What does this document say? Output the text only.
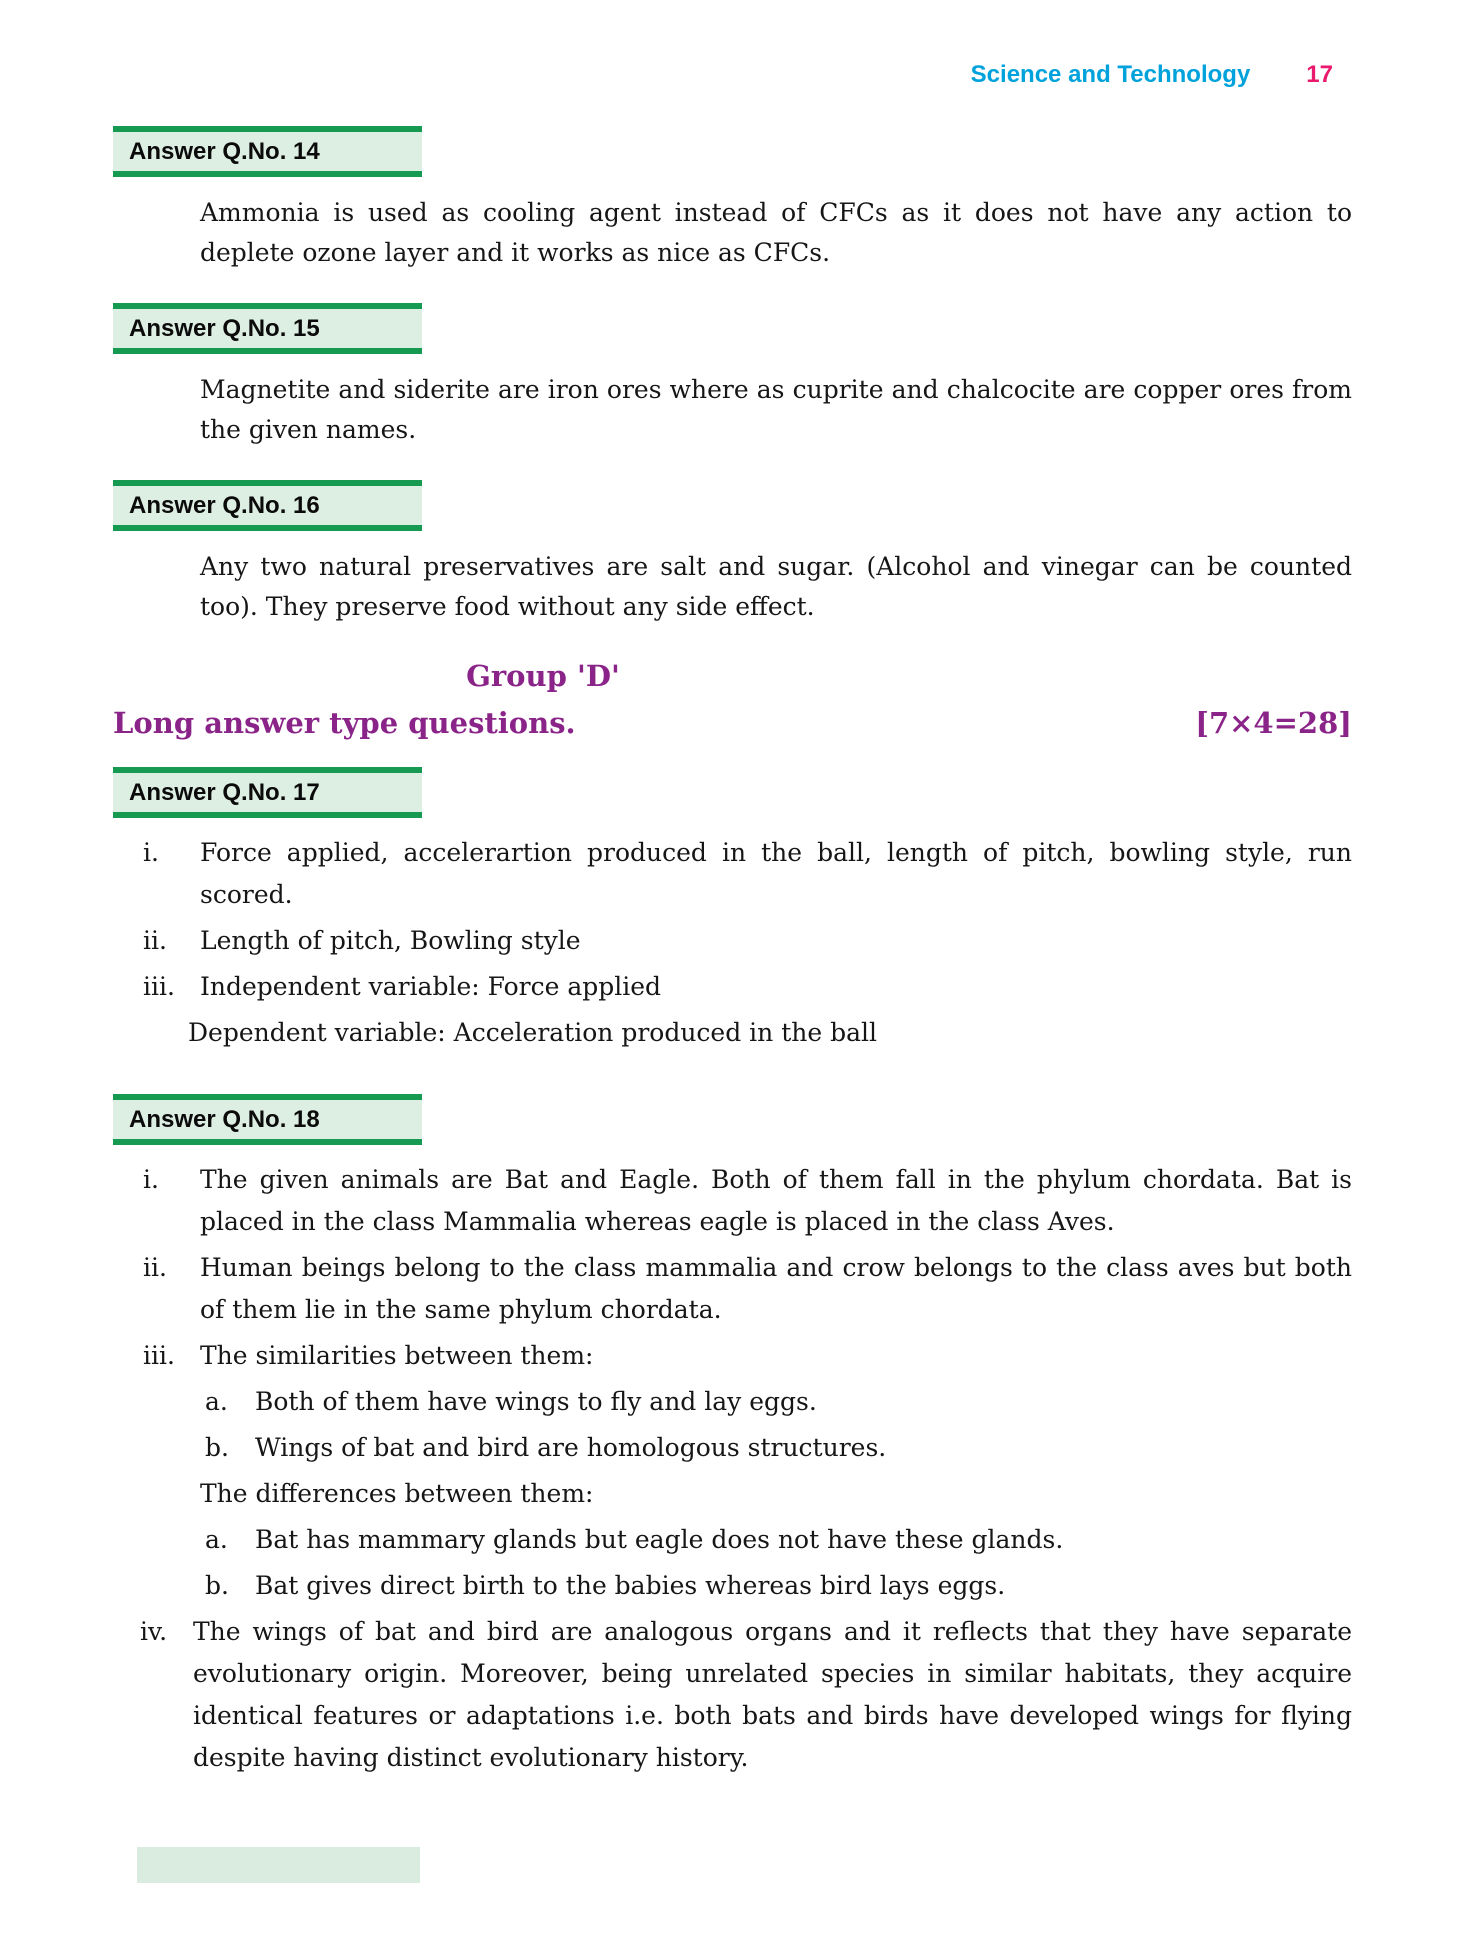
Science and Technology 17
Answer Q.No. 14

Ammonia is used as cooling agent instead of CFCs as it does not have any action to deplete ozone layer and it works as nice as CFCs.

Answer Q.No. 15

Magnetite and siderite are iron ores where as cuprite and chalcocite are copper ores from the given names.

Answer Q.No. 16

Any two natural preservatives are salt and sugar. (Alcohol and vinegar can be counted too). They preserve food without any side effect.

Group 'D'
Long answer type questions.	[7×4=28]
Answer Q.No. 17
i.	Force applied, accelerartion produced in the ball, length of pitch, bowling style, run scored.
ii.	Length of pitch, Bowling style
iii.	Independent variable: Force applied
Dependent variable: Acceleration produced in the ball
Answer Q.No. 18
i.	The given animals are Bat and Eagle. Both of them fall in the phylum chordata. Bat is placed in the class Mammalia whereas eagle is placed in the class Aves.
ii.	Human beings belong to the class mammalia and crow belongs to the class aves but both of them lie in the same phylum chordata.
iii.	The similarities between them:
a.	Both of them have wings to fly and lay eggs.
b.	Wings of bat and bird are homologous structures.
The differences between them:
a.	Bat has mammary glands but eagle does not have these glands.
b.	Bat gives direct birth to the babies whereas bird lays eggs.
iv.	The wings of bat and bird are analogous organs and it reflects that they have separate evolutionary origin. Moreover, being unrelated species in similar habitats, they acquire identical features or adaptations i.e. both bats and birds have developed wings for flying despite having distinct evolutionary history.
